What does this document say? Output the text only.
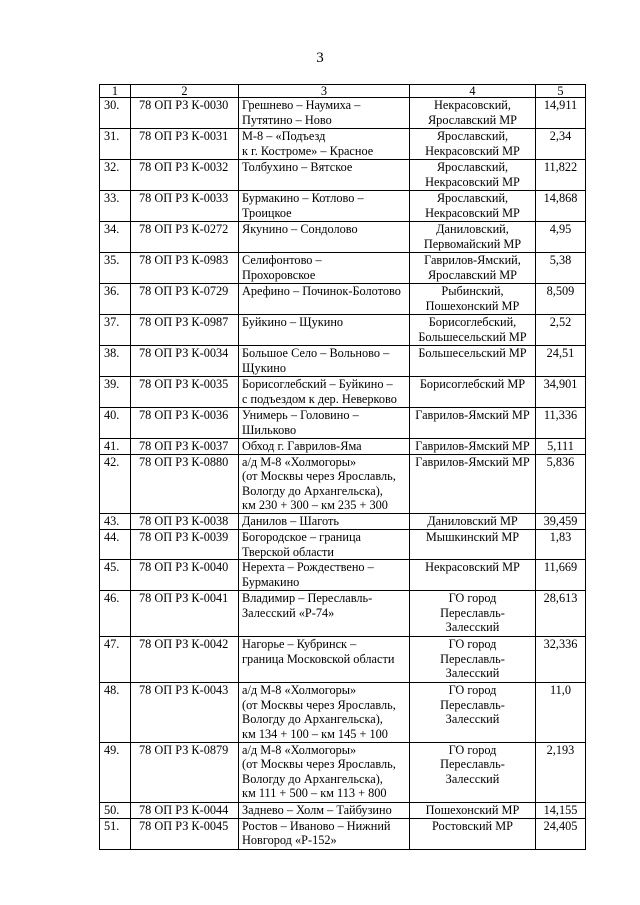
3
1	2	3	4	5
30.	78 ОП РЗ К-0030	Грешнево – Наумиха –
Путятино – Ново	Некрасовский,
Ярославский МР	14,911
31.	78 ОП РЗ К-0031	М-8 – «Подъезд
к г. Костроме» – Красное	Ярославский,
Некрасовский МР	2,34
32.	78 ОП РЗ К-0032	Толбухино – Вятское	Ярославский,
Некрасовский МР	11,822
33.	78 ОП РЗ К-0033	Бурмакино – Котлово –
Троицкое	Ярославский,
Некрасовский МР	14,868
34.	78 ОП РЗ К-0272	Якунино – Сондолово	Даниловский,
Первомайский МР	4,95
35.	78 ОП РЗ К-0983	Селифонтово –
Прохоровское	Гаврилов-Ямский,
Ярославский МР	5,38
36.	78 ОП РЗ К-0729	Арефино – Починок-Болотово	Рыбинский,
Пошехонский МР	8,509
37.	78 ОП РЗ К-0987	Буйкино – Щукино	Борисоглебский,
Большесельский МР	2,52
38.	78 ОП РЗ К-0034	Большое Село – Вольново –
Щукино	Большесельский МР	24,51
39.	78 ОП РЗ К-0035	Борисоглебский – Буйкино –
с подъездом к дер. Неверково	Борисоглебский МР	34,901
40.	78 ОП РЗ К-0036	Унимерь – Головино –
Шильково	Гаврилов-Ямский МР	11,336
41.	78 ОП РЗ К-0037	Обход г. Гаврилов-Яма	Гаврилов-Ямский МР	5,111
42.	78 ОП РЗ К-0880	а/д М-8 «Холмогоры»
(от Москвы через Ярославль,
Вологду до Архангельска),
км 230 + 300 – км 235 + 300	Гаврилов-Ямский МР	5,836
43.	78 ОП РЗ К-0038	Данилов – Шаготь	Даниловский МР	39,459
44.	78 ОП РЗ К-0039	Богородское – граница
Тверской области	Мышкинский МР	1,83
45.	78 ОП РЗ К-0040	Нерехта – Рождествено –
Бурмакино	Некрасовский МР	11,669
46.	78 ОП РЗ К-0041	Владимир – Переславль-
Залесский «Р-74»	ГО город
Переславль-
Залесский	28,613
47.	78 ОП РЗ К-0042	Нагорье – Кубринск –
граница Московской области	ГО город
Переславль-
Залесский	32,336
48.	78 ОП РЗ К-0043	а/д М-8 «Холмогоры»
(от Москвы через Ярославль,
Вологду до Архангельска),
км 134 + 100 – км 145 + 100	ГО город
Переславль-
Залесский	11,0
49.	78 ОП РЗ К-0879	а/д М-8 «Холмогоры»
(от Москвы через Ярославль,
Вологду до Архангельска),
км 111 + 500 – км 113 + 800	ГО город
Переславль-
Залесский	2,193
50.	78 ОП РЗ К-0044	Заднево – Холм – Тайбузино	Пошехонский МР	14,155
51.	78 ОП РЗ К-0045	Ростов – Иваново – Нижний
Новгород «Р-152»	Ростовский МР	24,405
